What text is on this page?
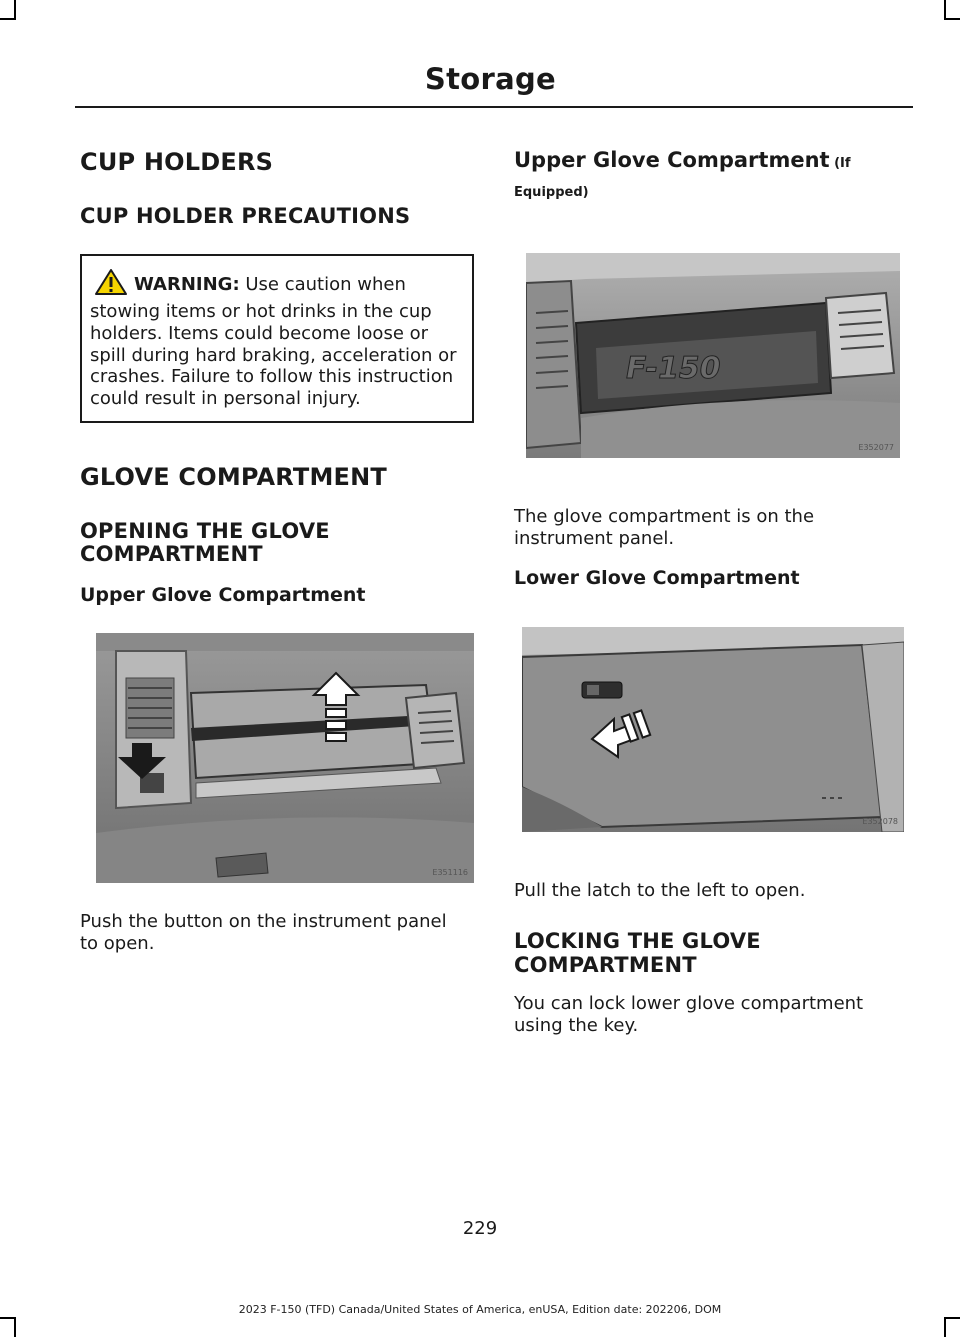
Storage
CUP HOLDERS
CUP HOLDER PRECAUTIONS
WARNING: Use caution when stowing items or hot drinks in the cup holders. Items could become loose or spill during hard braking, acceleration or crashes. Failure to follow this instruction could result in personal injury.
GLOVE COMPARTMENT
OPENING THE GLOVE COMPARTMENT
Upper Glove Compartment
E351116

Push the button on the instrument panel to open.

Upper Glove Compartment (If Equipped)
F-150
E352077

The glove compartment is on the instrument panel.

Lower Glove Compartment
E352078

Pull the latch to the left to open.

LOCKING THE GLOVE COMPARTMENT

You can lock lower glove compartment using the key.

229
2023 F-150 (TFD) Canada/United States of America, enUSA, Edition date: 202206, DOM
